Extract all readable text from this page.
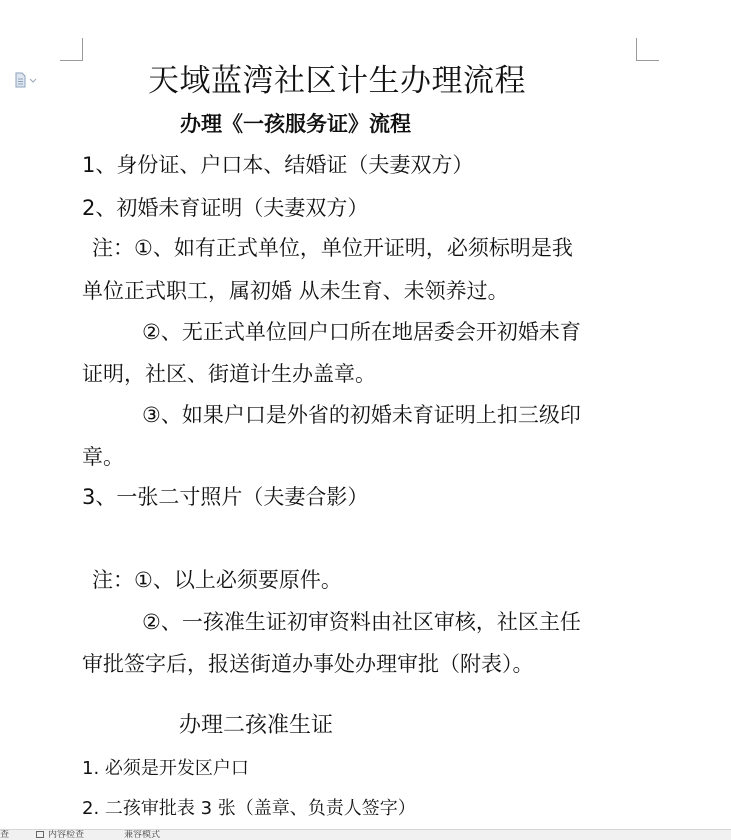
天域蓝湾社区计生办理流程
办理《一孩服务证》流程
1、身份证、户口本、结婚证（夫妻双方）
2、初婚未育证明（夫妻双方）
注：①、如有正式单位，单位开证明，必须标明是我
单位正式职工，属初婚 从未生育、未领养过。
②、无正式单位回户口所在地居委会开初婚未育
证明，社区、街道计生办盖章。
③、如果户口是外省的初婚未育证明上扣三级印
章。
3、一张二寸照片（夫妻合影）
注：①、以上必须要原件。
②、一孩准生证初审资料由社区审核，社区主任
审批签字后，报送街道办事处办理审批（附表）。
办理二孩准生证
1. 必须是开发区户口
2. 二孩审批表 3 张（盖章、负责人签字）
查	内容检查	兼容模式
